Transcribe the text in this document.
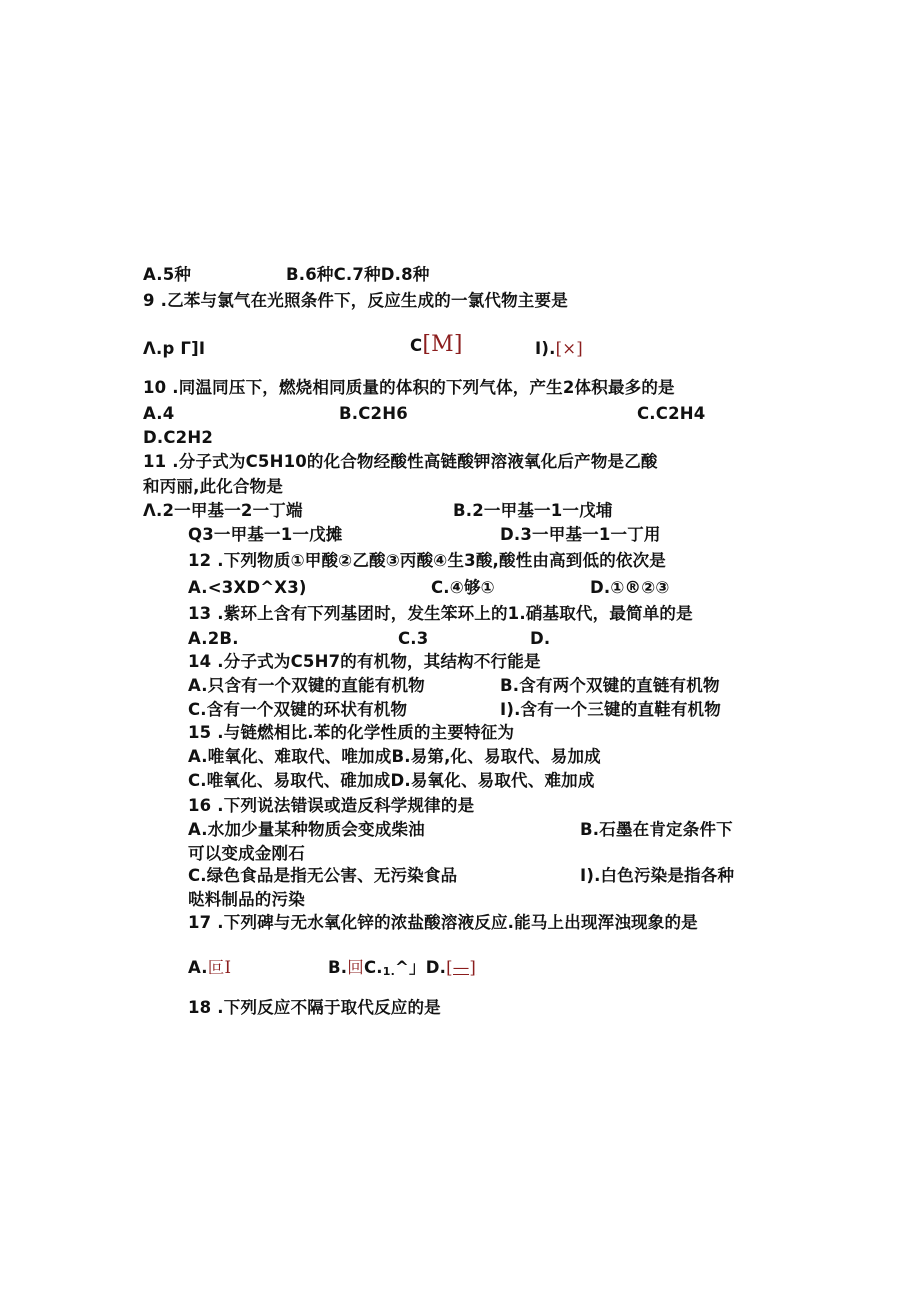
A.5种	B.6种C.7种D.8种
9 .乙苯与氯气在光照条件下，反应生成的一氯代物主要是
Λ.p Γ]I	C[M]	I).[×]
10 .同温同压下，燃烧相同质量的体积的下列气体，产生2体积最多的是
A.4	B.C2H6	C.C2H4
D.C2H2
11 .分子式为C5H10的化合物经酸性高链酸钾溶液氧化后产物是乙酸
和丙丽,此化合物是
Λ.2一甲基一2一丁端	B.2一甲基一1一戊埔
Q3一甲基一1一戊摊	D.3一甲基一1一丁用
12 .下列物质①甲酸②乙酸③丙酸④生3酸,酸性由高到低的依次是
A.<3XD^X3)	C.④够①	D.①®②③
13 .紫环上含有下列基团时，发生笨环上的1.硝基取代，最简单的是
A.2B.	C.3	D.
14 .分子式为C5H7的有机物，其结构不行能是
A.只含有一个双键的直能有机物	B.含有两个双键的直链有机物
C.含有一个双键的环状有机物	I).含有一个三键的直鞋有机物
15 .与链燃相比.苯的化学性质的主要特征为
A.唯氧化、难取代、唯加成B.易第,化、易取代、易加成
C.唯氧化、易取代、碓加成D.易氧化、易取代、难加成
16 .下列说法错误或造反科学规律的是
A.水加少量某种物质会变成柴油	B.石墨在肯定条件下
可以变成金刚石
C.绿色食品是指无公害、无污染食品	I).白色污染是指各种
哒料制品的污染
17 .下列碑与无水氧化锌的浓盐酸溶液反应.能马上出现浑浊现象的是
A.叵I	B.回C.1.^」D.[—]
18 .下列反应不隔于取代反应的是
